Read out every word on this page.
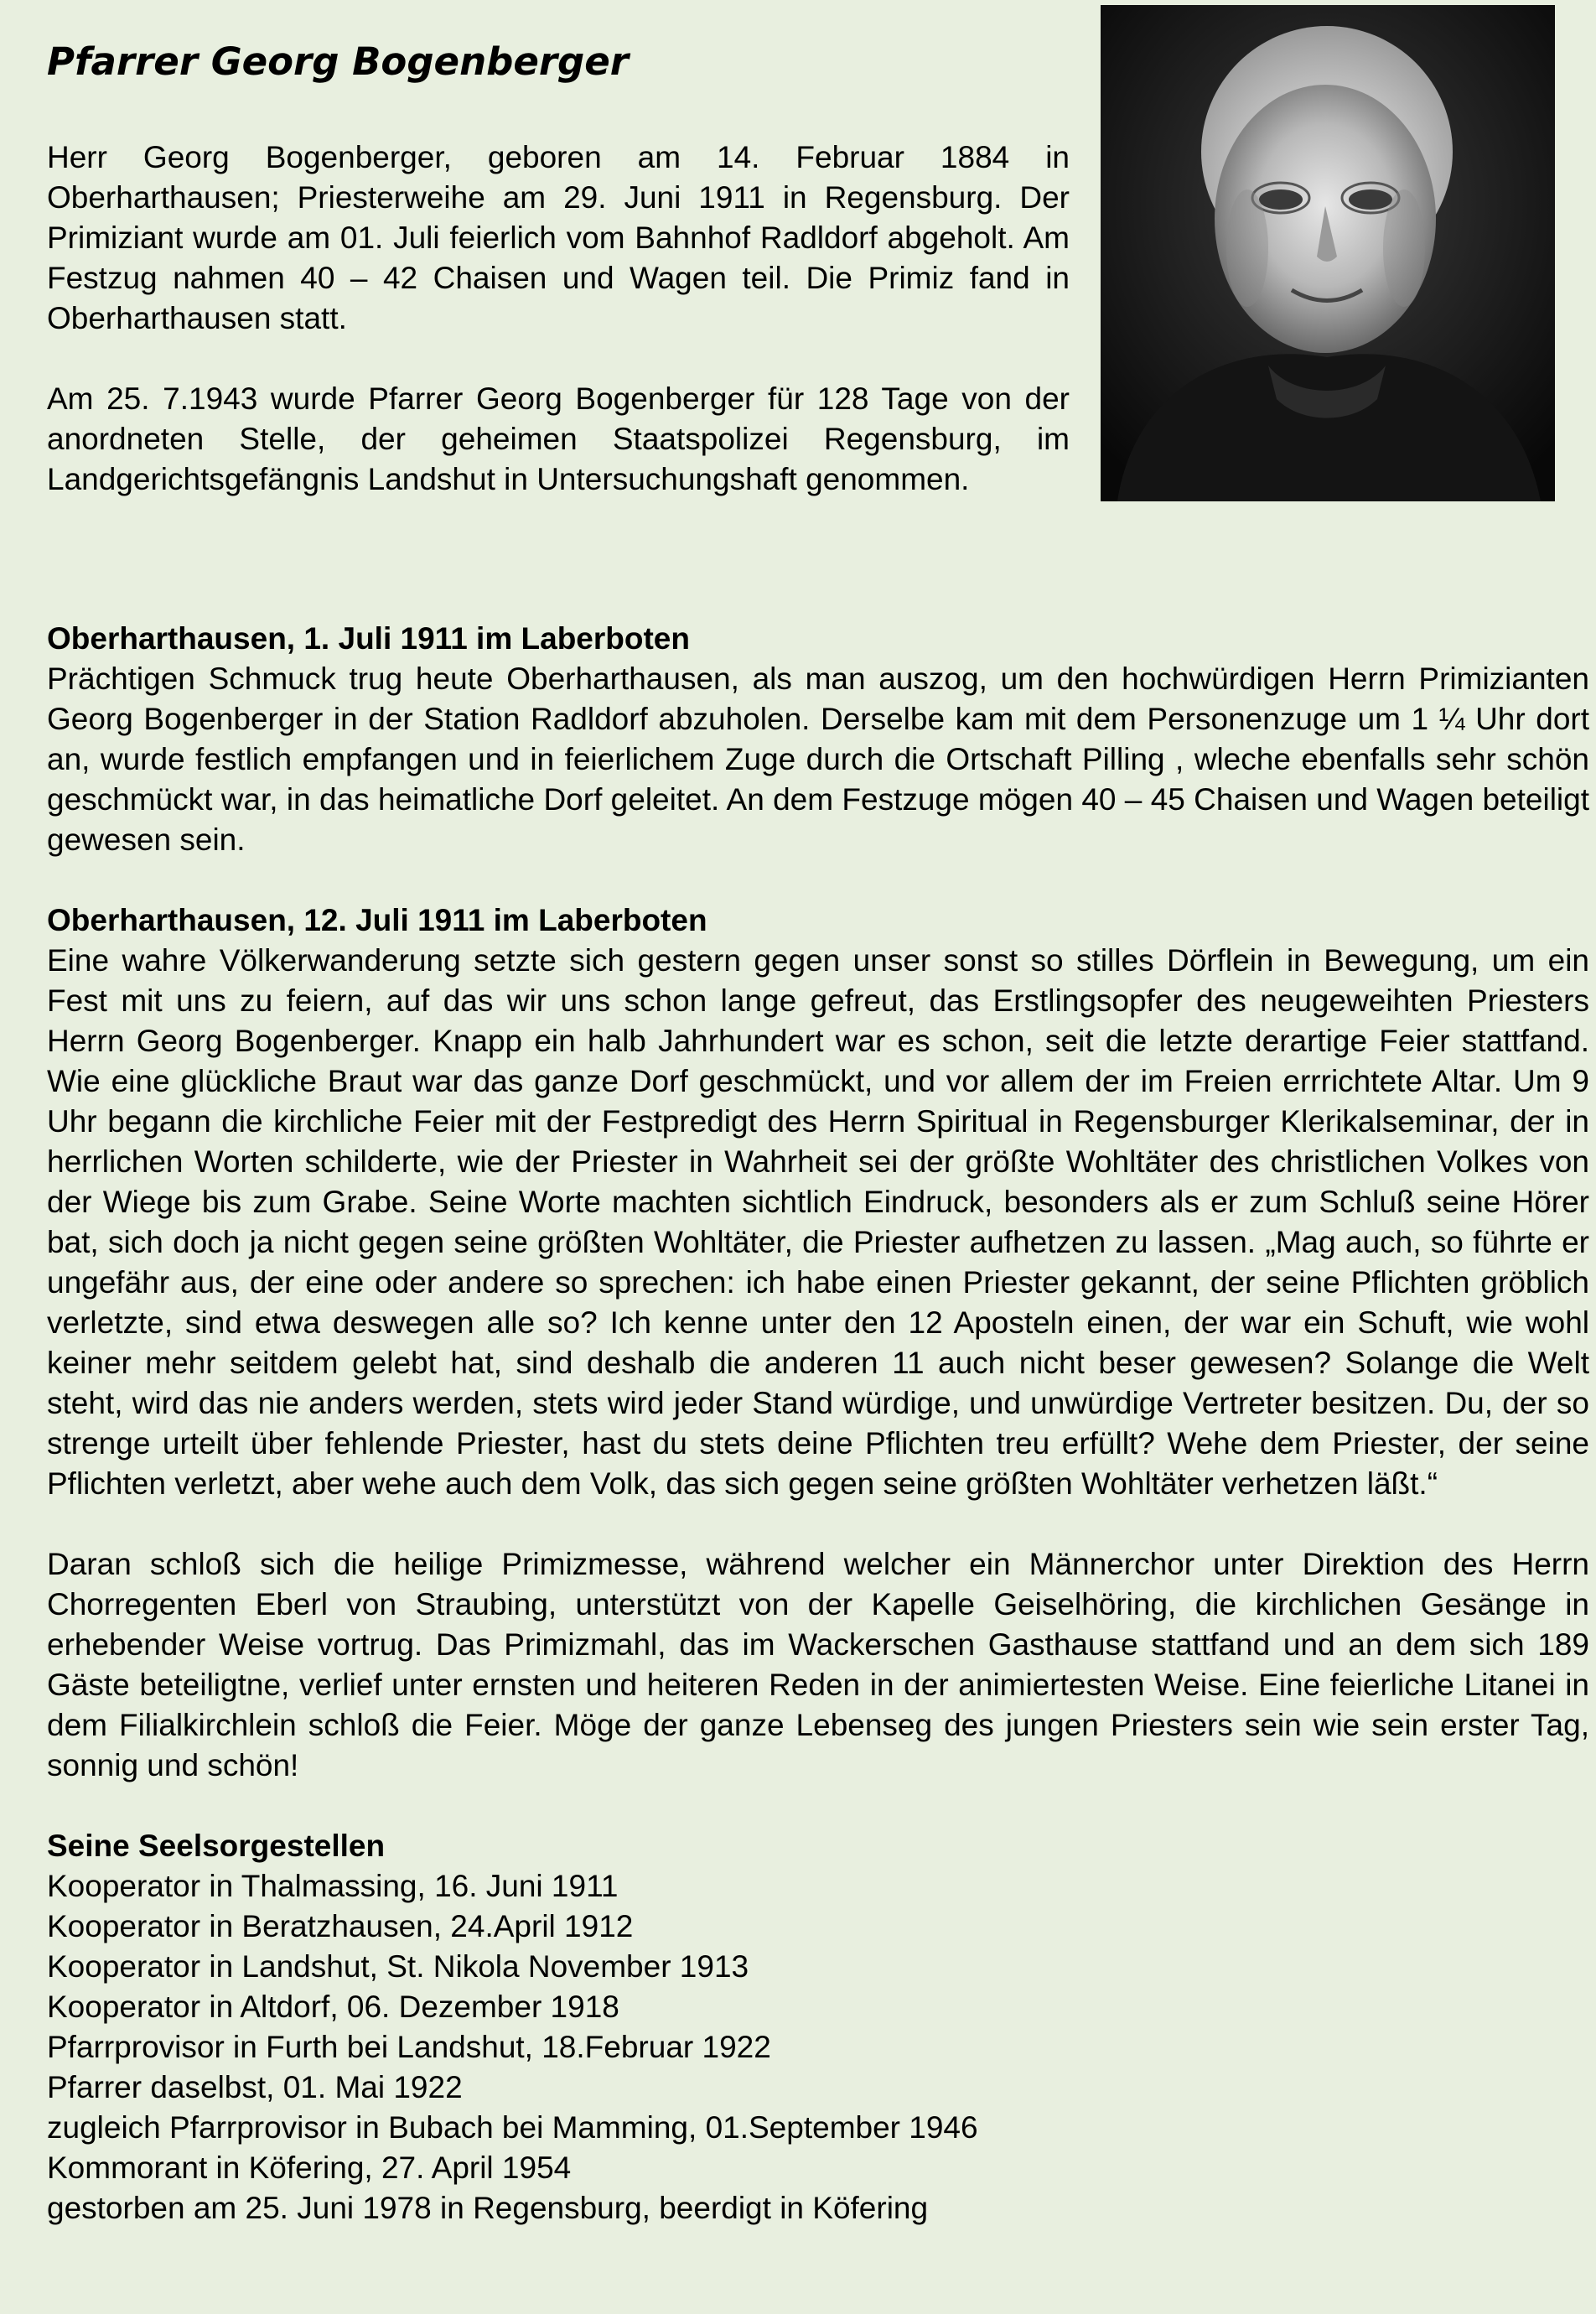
Pfarrer Georg Bogenberger

Herr Georg Bogenberger, geboren am 14. Februar 1884 in Oberharthausen; Priesterweihe am 29. Juni 1911 in Regensburg. Der Primiziant wurde am 01. Juli feierlich vom Bahnhof Radldorf abgeholt. Am Festzug nahmen 40 – 42 Chaisen und Wagen teil. Die Primiz fand in Oberharthausen statt.

Am 25. 7.1943 wurde Pfarrer Georg Bogenberger für 128 Tage von der anordneten Stelle, der geheimen Staatspolizei Regensburg, im Landgerichtsgefängnis Landshut in Untersuchungshaft genommen.

Oberharthausen, 1. Juli 1911 im Laberboten

Prächtigen Schmuck trug heute Oberharthausen, als man auszog, um den hochwürdigen Herrn Primizianten Georg Bogenberger in der Station Radldorf abzuholen. Derselbe kam mit dem Personenzuge um 1 ¼ Uhr dort an, wurde festlich empfangen und in feierlichem Zuge durch die Ortschaft Pilling , wleche ebenfalls sehr schön geschmückt war, in das heimatliche Dorf geleitet. An dem Festzuge mögen 40 – 45 Chaisen und Wagen beteiligt gewesen sein.

Oberharthausen, 12. Juli 1911 im Laberboten

Eine wahre Völkerwanderung setzte sich gestern gegen unser sonst so stilles Dörflein in Bewegung, um ein Fest mit uns zu feiern, auf das wir uns schon lange gefreut, das Erstlingsopfer des neugeweihten Priesters Herrn Georg Bogenberger. Knapp ein halb Jahrhundert war es schon, seit die letzte derartige Feier stattfand. Wie eine glückliche Braut war das ganze Dorf geschmückt, und vor allem der im Freien errrichtete Altar. Um 9 Uhr begann die kirchliche Feier mit der Festpredigt des Herrn Spiritual in Regensburger Klerikalseminar, der in herrlichen Worten schilderte, wie der Priester in Wahrheit sei der größte Wohltäter des christlichen Volkes von der Wiege bis zum Grabe. Seine Worte machten sichtlich Eindruck, besonders als er zum Schluß seine Hörer bat, sich doch ja nicht gegen seine größten Wohltäter, die Priester aufhetzen zu lassen. „Mag auch, so führte er ungefähr aus, der eine oder andere so sprechen: ich habe einen Priester gekannt, der seine Pflichten gröblich verletzte, sind etwa deswegen alle so? Ich kenne unter den 12 Aposteln einen, der war ein Schuft, wie wohl keiner mehr seitdem gelebt hat, sind deshalb die anderen 11 auch nicht beser gewesen? Solange die Welt steht, wird das nie anders werden, stets wird jeder Stand würdige, und unwürdige Vertreter besitzen. Du, der so strenge urteilt über fehlende Priester, hast du stets deine Pflichten treu erfüllt? Wehe dem Priester, der seine Pflichten verletzt, aber wehe auch dem Volk, das sich gegen seine größten Wohltäter verhetzen läßt.“

Daran schloß sich die heilige Primizmesse, während welcher ein Männerchor unter Direktion des Herrn Chorregenten Eberl von Straubing, unterstützt von der Kapelle Geiselhöring, die kirchlichen Gesänge in erhebender Weise vortrug. Das Primizmahl, das im Wackerschen Gasthause stattfand und an dem sich 189 Gäste beteiligtne, verlief unter ernsten und heiteren Reden in der animiertesten Weise. Eine feierliche Litanei in dem Filialkirchlein schloß die Feier. Möge der ganze Lebenseg des jungen Priesters sein wie sein erster Tag, sonnig und schön!

Seine Seelsorgestellen
Kooperator in Thalmassing, 16. Juni 1911
Kooperator in Beratzhausen, 24.April 1912
Kooperator in Landshut, St. Nikola November 1913
Kooperator in Altdorf, 06. Dezember 1918
Pfarrprovisor in Furth bei Landshut, 18.Februar 1922
Pfarrer daselbst, 01. Mai 1922
zugleich Pfarrprovisor in Bubach bei Mamming, 01.September 1946
Kommorant in Köfering, 27. April 1954
gestorben am 25. Juni 1978 in Regensburg, beerdigt in Köfering
